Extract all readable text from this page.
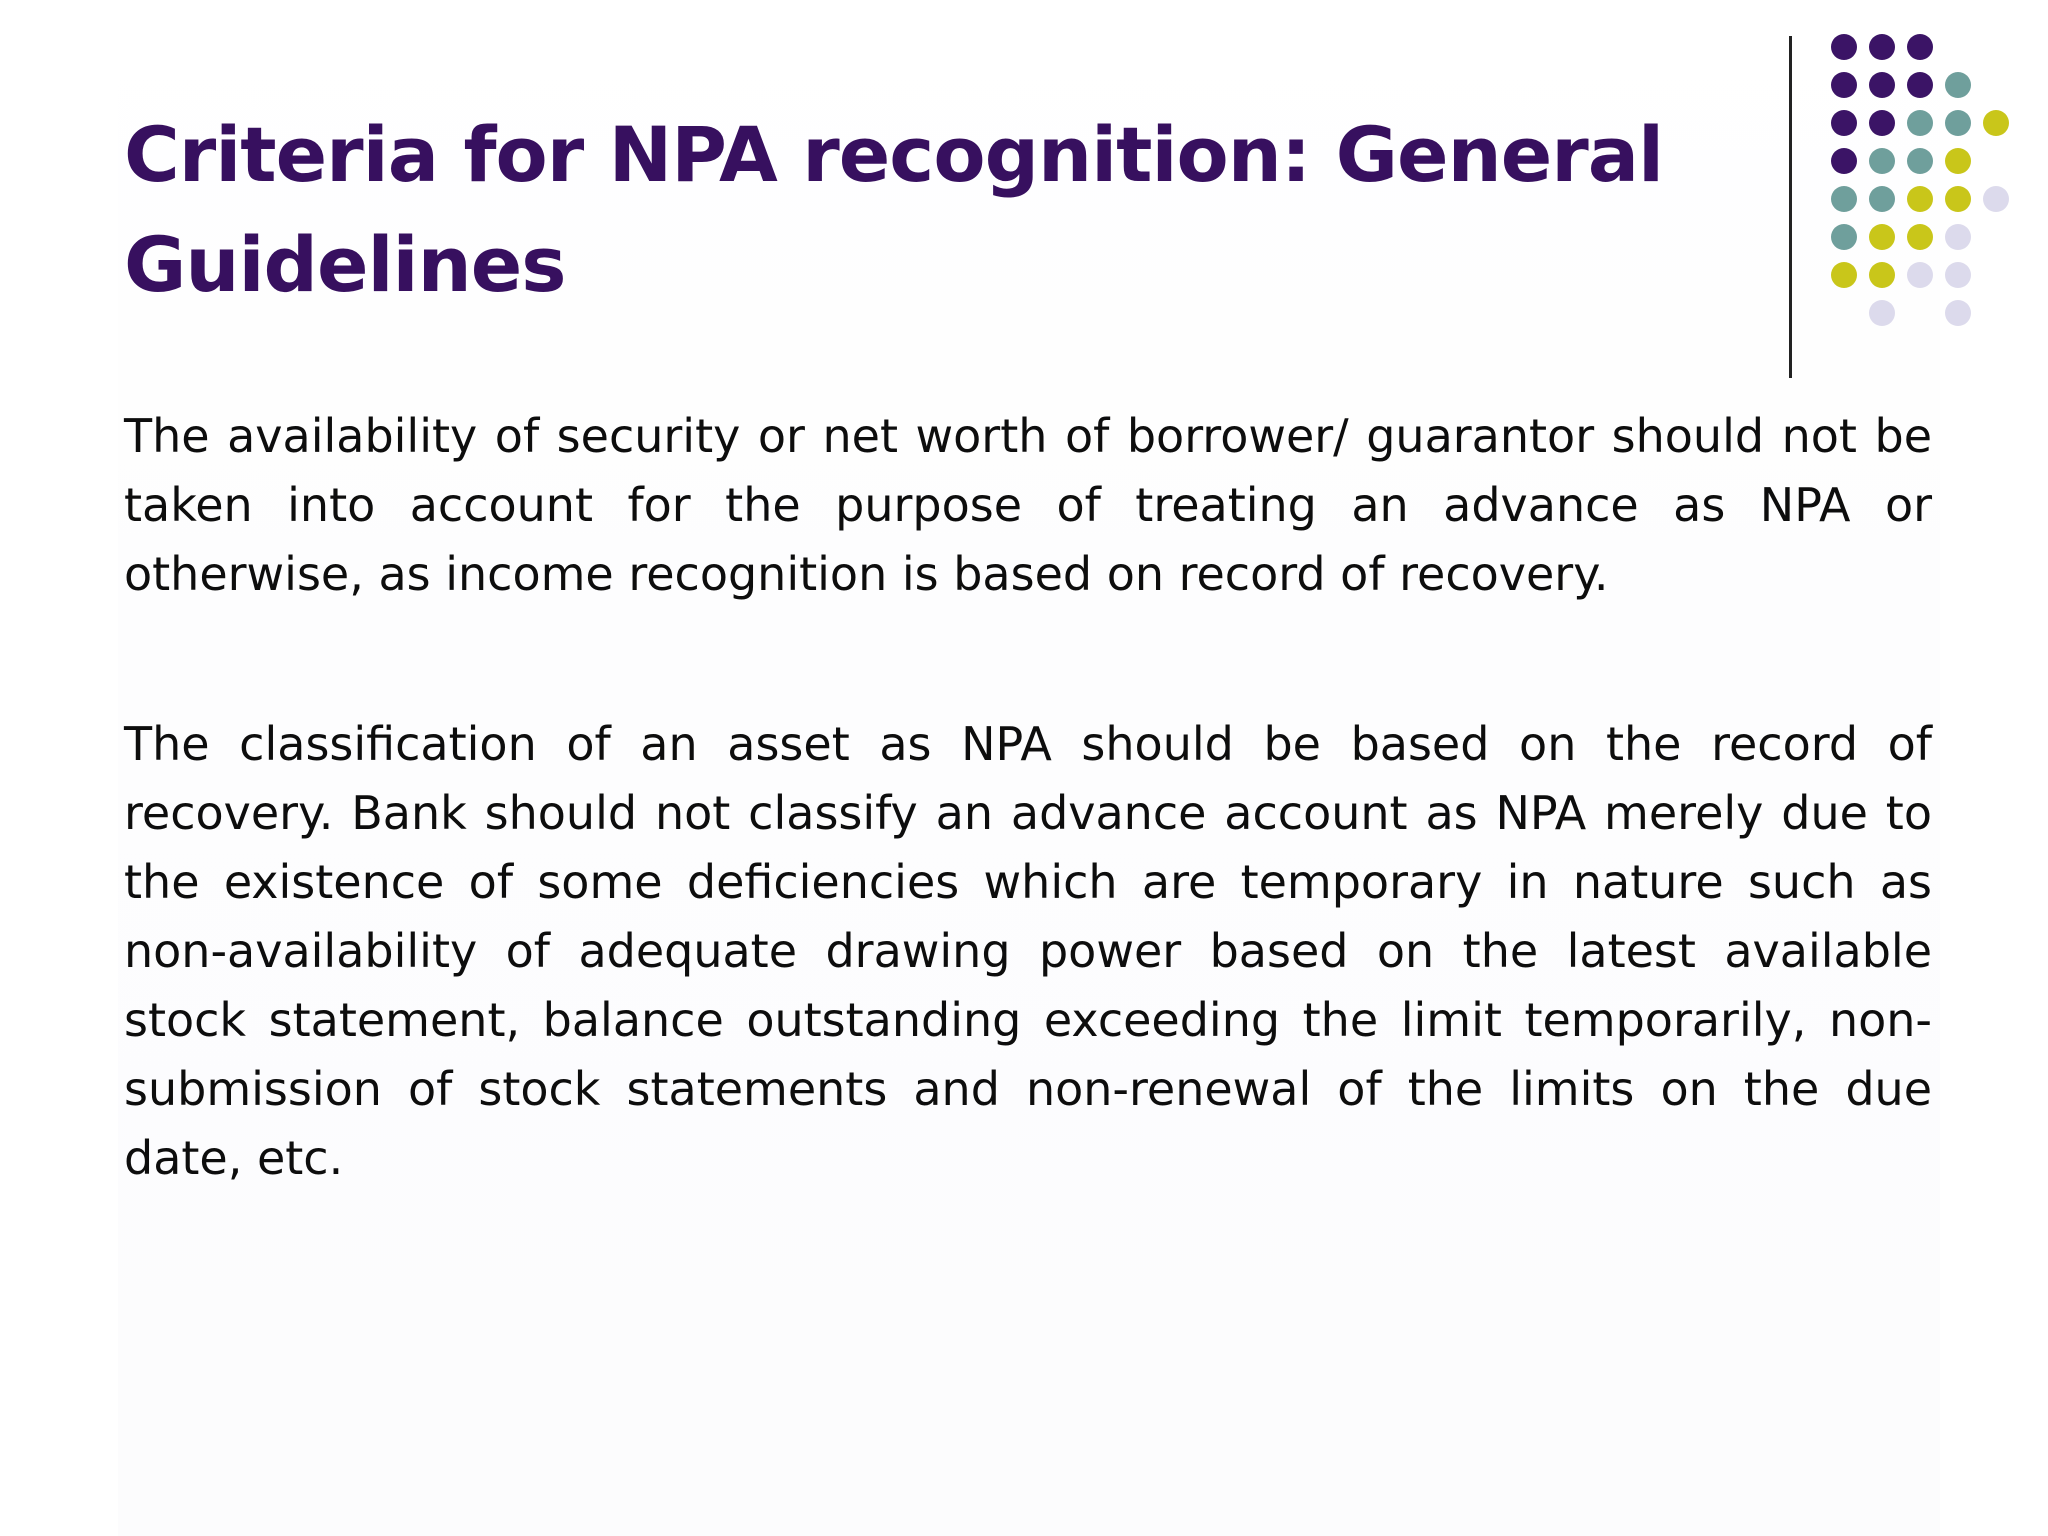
Criteria for NPA recognition: General Guidelines

The availability of security or net worth of borrower/ guarantor should not be taken into account for the purpose of treating an advance as NPA or otherwise, as income recognition is based on record of recovery.

The classification of an asset as NPA should be based on the record of recovery. Bank should not classify an advance account as NPA merely due to the existence of some deficiencies which are temporary in nature such as non-availability of adequate drawing power based on the latest available stock statement, balance outstanding exceeding the limit temporarily, non-submission of stock statements and non-renewal of the limits on the due date, etc.
